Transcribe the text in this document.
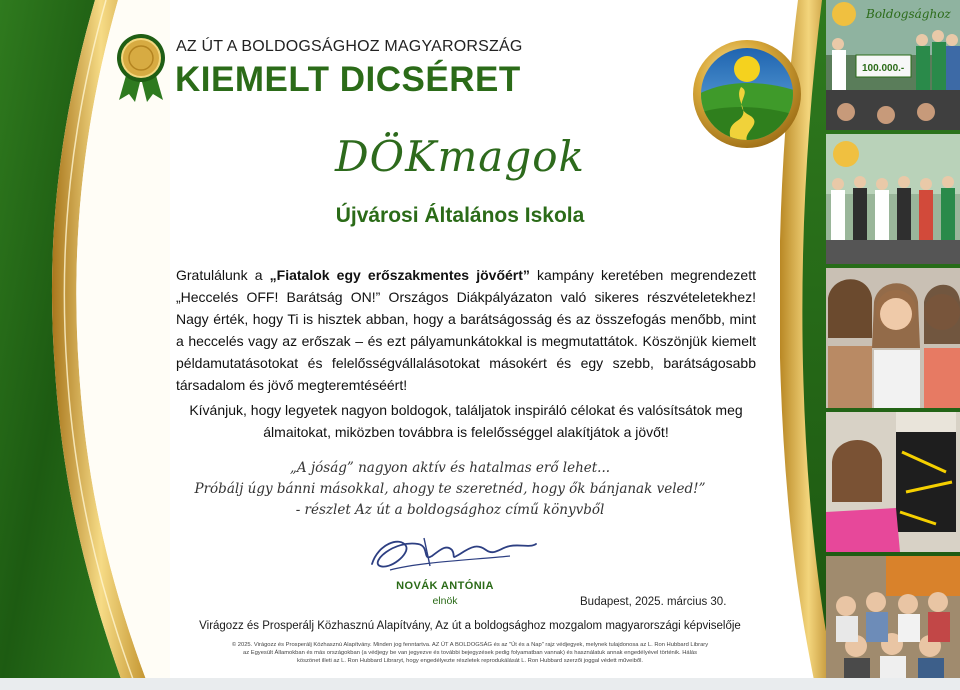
Boldogsághoz
100.000.-
AZ ÚT A BOLDOGSÁGHOZ MAGYARORSZÁG
KIEMELT DICSÉRET
DÖKmagok
Újvárosi Általános Iskola
Gratulálunk a „Fiatalok egy erőszakmentes jövőért” kampány keretében megrendezett „Heccelés OFF! Barátság ON!” Országos Diákpályázaton való sikeres részvételetekhez! Nagy érték, hogy Ti is hisztek abban, hogy a barátságosság és az összefogás menőbb, mint a heccelés vagy az erőszak – és ezt pályamunkátokkal is megmutattátok. Köszönjük kiemelt példamutatásotokat és felelősségvállalásotokat másokért és egy szebb, barátságosabb társadalom és jövő megteremtéséért!
Kívánjuk, hogy legyetek nagyon boldogok, találjatok inspiráló célokat és valósítsátok meg álmaitokat, miközben továbbra is felelősséggel alakítjátok a jövőt!
„A jóság” nagyon aktív és hatalmas erő lehet...
Próbálj úgy bánni másokkal, ahogy te szeretnéd, hogy ők bánjanak veled!”
- részlet Az út a boldogsághoz című könyvből
NOVÁK ANTÓNIA
elnök	Budapest, 2025. március 30.
Virágozz és Prosperálj Közhasznú Alapítvány, Az út a boldogsághoz mozgalom magyarországi képviselője

© 2025. Virágozz és Prosperálj Közhasznú Alapítvány. Minden jog fenntartva. AZ ÚT A BOLDOGSÁG és az "Út és a Nap" rajz védjegyek, melynek tulajdonosa az L. Ron Hubbard Library

az Egyesült Államokban és más országokban (a védjegy be van jegyezve és további bejegyzések pedig folyamatban vannak) és használatuk annak engedélyével történik. Hálás

köszönet illeti az L. Ron Hubbard Libraryt, hogy engedélyezte részletek reprodukálását L. Ron Hubbard szerzői joggal védett műveiből.
